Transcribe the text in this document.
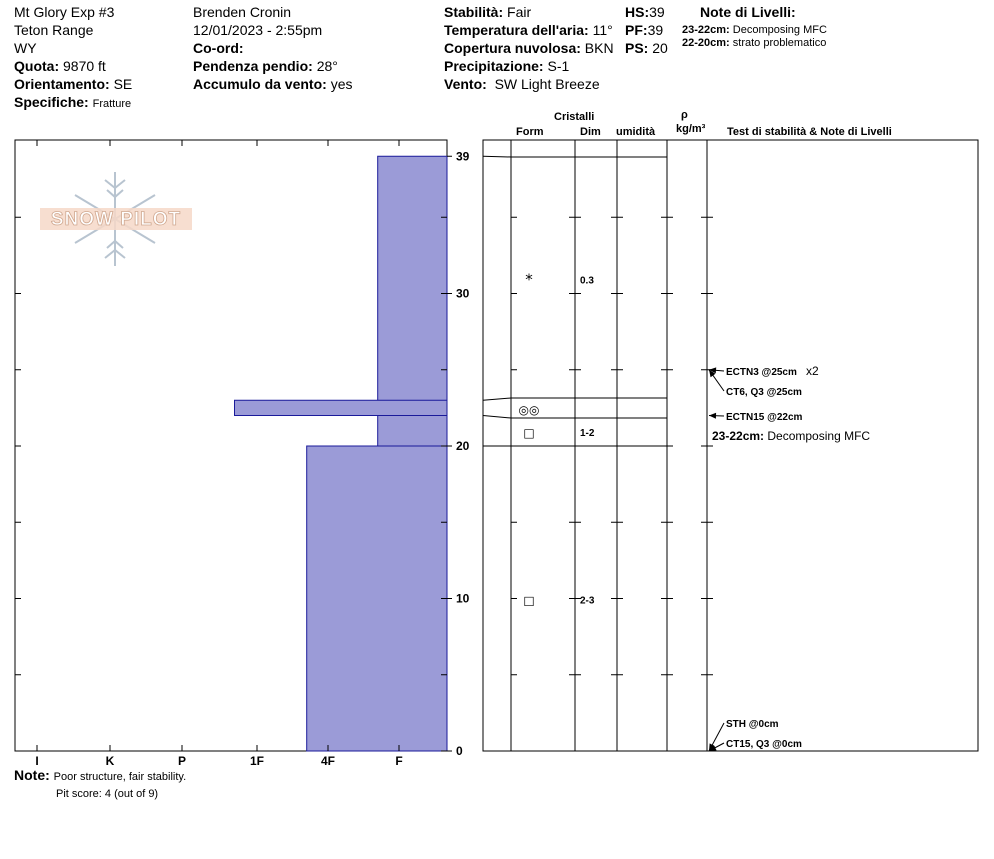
Mt Glory Exp #3
Teton Range
WY
Quota: 9870 ft
Orientamento: SE
Specifiche: Fratture
Brenden Cronin
12/01/2023 - 2:55pm
Co-ord:
Pendenza pendio: 28°
Accumulo da vento: yes
Stabilità: Fair
Temperatura dell'aria: 11°
Copertura nuvolosa: BKN
Precipitazione: S-1
Vento: SW Light Breeze
HS:39
PF:39
PS: 20
Note di Livelli:
23-22cm: Decomposing MFC
22-20cm: strato problematico
Cristalli
Form	Dim umidità
ρ
kg/m³ Test di stabilità & Note di Livelli
SNOW PILOT
I	K	P	1F	4F	F
0
10
20
30
39
*	0.3
◎◎
□	1-2
□	2-3
ECTN3 @25cm x2
CT6, Q3 @25cm
ECTN15 @22cm
STH @0cm
CT15, Q3 @0cm
23-22cm: Decomposing MFC
Note: Poor structure, fair stability.
Pit score: 4 (out of 9)
